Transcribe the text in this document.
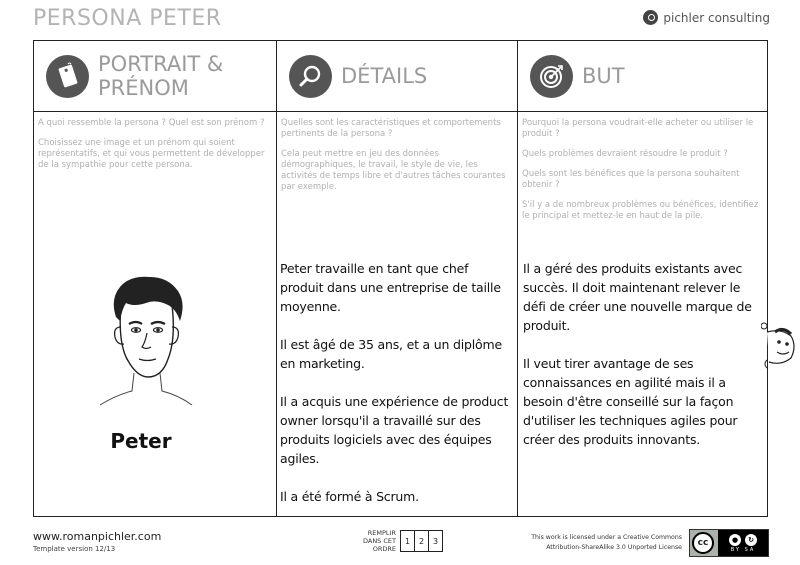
PERSONA PETER	pichler consulting
PORTRAIT &
PRÉNOM

A quoi ressemble la persona ? Quel est son prénom ?

Choisissez une image et un prénom qui soient représentatifs, et qui vous permettent de développer de la sympathie pour cette persona.

Peter
DÉTAILS

Quelles sont les caractéristiques et comportements pertinents de la persona ?

Cela peut mettre en jeu des données démographiques, le travail, le style de vie, les activités de temps libre et d'autres tâches courantes par exemple.

Peter travaille en tant que chef produit dans une entreprise de taille moyenne.

Il est âgé de 35 ans, et a un diplôme en marketing.

Il a acquis une expérience de product owner lorsqu'il a travaillé sur des produits logiciels avec des équipes agiles.

Il a été formé à Scrum.

BUT

Pourquoi la persona voudrait-elle acheter ou utiliser le produit ?

Quels problèmes devraient résoudre le produit ?

Quels sont les bénéfices que la persona souhaitent obtenir ?

S'il y a de nombreux problèmes ou bénéfices, identifiez le principal et mettez-le en haut de la pile.

Il a géré des produits existants avec succès. Il doit maintenant relever le défi de créer une nouvelle marque de produit.

Il veut tirer avantage de ses connaissances en agilité mais il a besoin d'être conseillé sur la façon d'utiliser les techniques agiles pour créer des produits innovants.

www.romanpichler.com
Template version 12/13
REMPLIR
DANS CET
ORDRE
1	2	3	This work is licensed under a Creative Commons
Attribution-ShareAlike 3.0 Unported License	cc	●	↻
BY SA
